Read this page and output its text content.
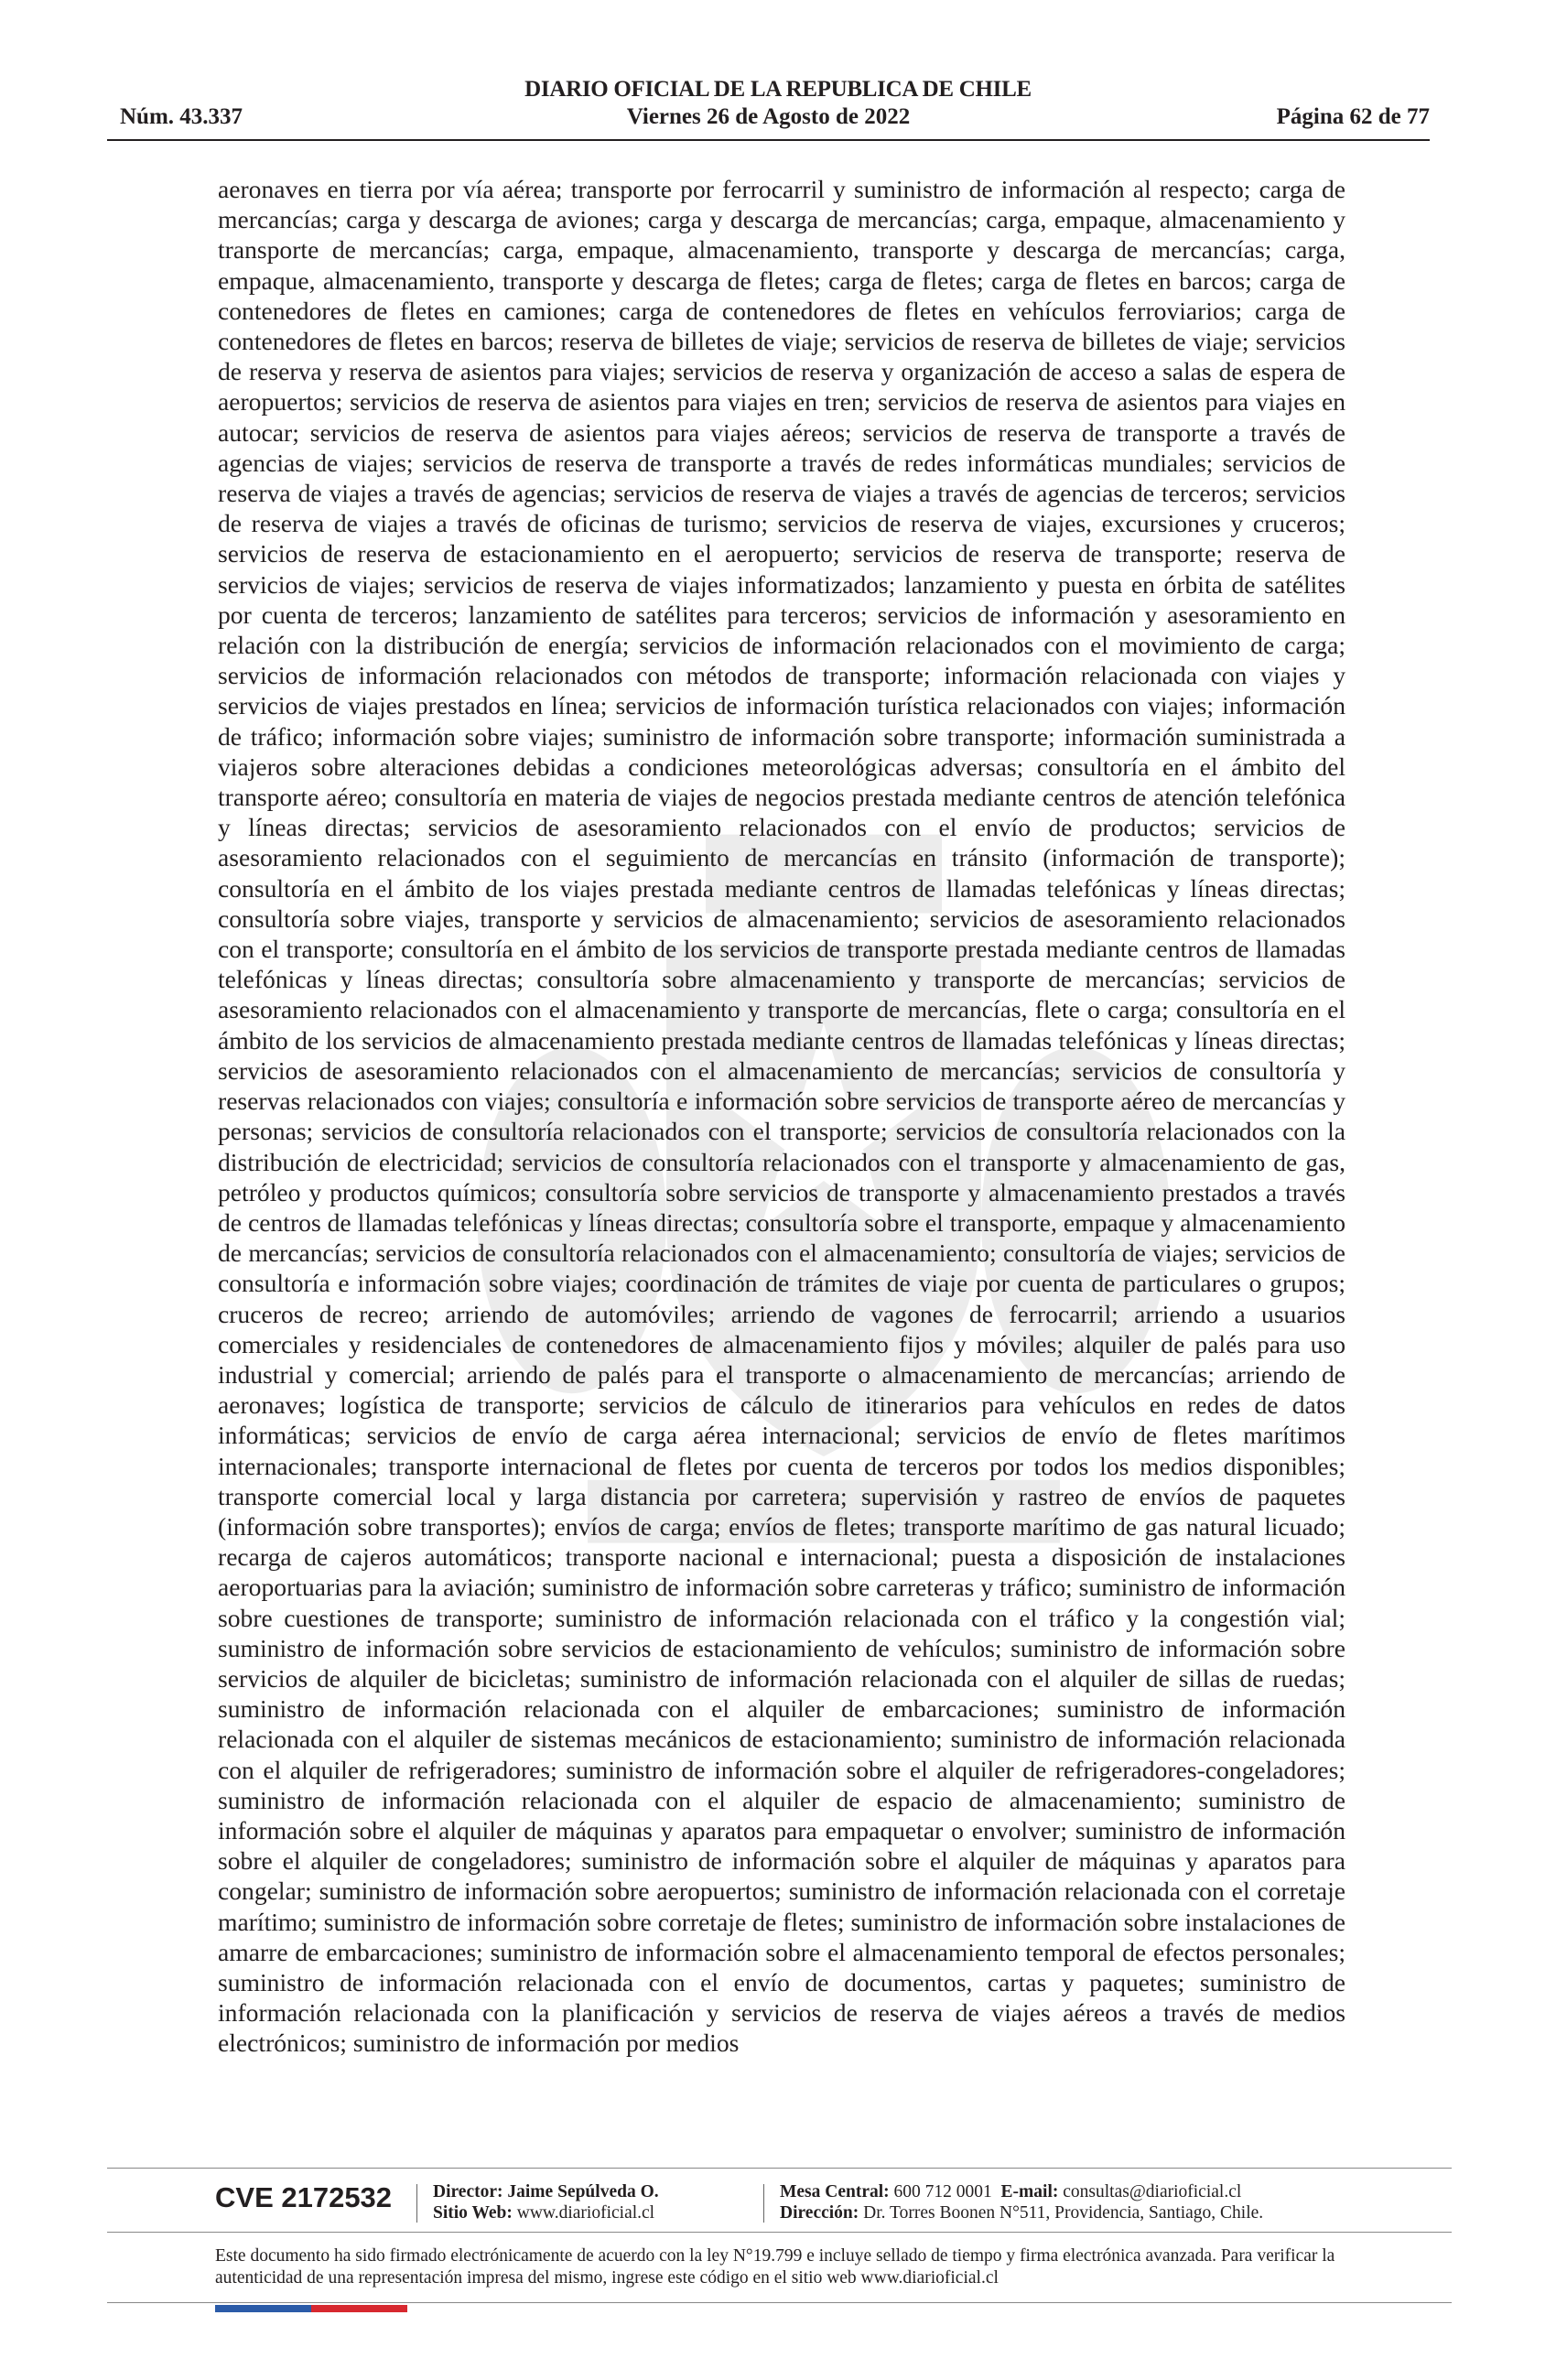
DIARIO OFICIAL DE LA REPUBLICA DE CHILE
Núm. 43.337	Viernes 26 de Agosto de 2022	Página 62 de 77
aeronaves en tierra por vía aérea; transporte por ferrocarril y suministro de información al respecto; carga de mercancías; carga y descarga de aviones; carga y descarga de mercancías; carga, empaque, almacenamiento y transporte de mercancías; carga, empaque, almacenamiento, transporte y descarga de mercancías; carga, empaque, almacenamiento, transporte y descarga de fletes; carga de fletes; carga de fletes en barcos; carga de contenedores de fletes en camiones; carga de contenedores de fletes en vehículos ferroviarios; carga de contenedores de fletes en barcos; reserva de billetes de viaje; servicios de reserva de billetes de viaje; servicios de reserva y reserva de asientos para viajes; servicios de reserva y organización de acceso a salas de espera de aeropuertos; servicios de reserva de asientos para viajes en tren; servicios de reserva de asientos para viajes en autocar; servicios de reserva de asientos para viajes aéreos; servicios de reserva de transporte a través de agencias de viajes; servicios de reserva de transporte a través de redes informáticas mundiales; servicios de reserva de viajes a través de agencias; servicios de reserva de viajes a través de agencias de terceros; servicios de reserva de viajes a través de oficinas de turismo; servicios de reserva de viajes, excursiones y cruceros; servicios de reserva de estacionamiento en el aeropuerto; servicios de reserva de transporte; reserva de servicios de viajes; servicios de reserva de viajes informatizados; lanzamiento y puesta en órbita de satélites por cuenta de terceros; lanzamiento de satélites para terceros; servicios de información y asesoramiento en relación con la distribución de energía; servicios de información relacionados con el movimiento de carga; servicios de información relacionados con métodos de transporte; información relacionada con viajes y servicios de viajes prestados en línea; servicios de información turística relacionados con viajes; información de tráfico; información sobre viajes; suministro de información sobre transporte; información suministrada a viajeros sobre alteraciones debidas a condiciones meteorológicas adversas; consultoría en el ámbito del transporte aéreo; consultoría en materia de viajes de negocios prestada mediante centros de atención telefónica y líneas directas; servicios de asesoramiento relacionados con el envío de productos; servicios de asesoramiento relacionados con el seguimiento de mercancías en tránsito (información de transporte); consultoría en el ámbito de los viajes prestada mediante centros de llamadas telefónicas y líneas directas; consultoría sobre viajes, transporte y servicios de almacenamiento; servicios de asesoramiento relacionados con el transporte; consultoría en el ámbito de los servicios de transporte prestada mediante centros de llamadas telefónicas y líneas directas; consultoría sobre almacenamiento y transporte de mercancías; servicios de asesoramiento relacionados con el almacenamiento y transporte de mercancías, flete o carga; consultoría en el ámbito de los servicios de almacenamiento prestada mediante centros de llamadas telefónicas y líneas directas; servicios de asesoramiento relacionados con el almacenamiento de mercancías; servicios de consultoría y reservas relacionados con viajes; consultoría e información sobre servicios de transporte aéreo de mercancías y personas; servicios de consultoría relacionados con el transporte; servicios de consultoría relacionados con la distribución de electricidad; servicios de consultoría relacionados con el transporte y almacenamiento de gas, petróleo y productos químicos; consultoría sobre servicios de transporte y almacenamiento prestados a través de centros de llamadas telefónicas y líneas directas; consultoría sobre el transporte, empaque y almacenamiento de mercancías; servicios de consultoría relacionados con el almacenamiento; consultoría de viajes; servicios de consultoría e información sobre viajes; coordinación de trámites de viaje por cuenta de particulares o grupos; cruceros de recreo; arriendo de automóviles; arriendo de vagones de ferrocarril; arriendo a usuarios comerciales y residenciales de contenedores de almacenamiento fijos y móviles; alquiler de palés para uso industrial y comercial; arriendo de palés para el transporte o almacenamiento de mercancías; arriendo de aeronaves; logística de transporte; servicios de cálculo de itinerarios para vehículos en redes de datos informáticas; servicios de envío de carga aérea internacional; servicios de envío de fletes marítimos internacionales; transporte internacional de fletes por cuenta de terceros por todos los medios disponibles; transporte comercial local y larga distancia por carretera; supervisión y rastreo de envíos de paquetes (información sobre transportes); envíos de carga; envíos de fletes; transporte marítimo de gas natural licuado; recarga de cajeros automáticos; transporte nacional e internacional; puesta a disposición de instalaciones aeroportuarias para la aviación; suministro de información sobre carreteras y tráfico; suministro de información sobre cuestiones de transporte; suministro de información relacionada con el tráfico y la congestión vial; suministro de información sobre servicios de estacionamiento de vehículos; suministro de información sobre servicios de alquiler de bicicletas; suministro de información relacionada con el alquiler de sillas de ruedas; suministro de información relacionada con el alquiler de embarcaciones; suministro de información relacionada con el alquiler de sistemas mecánicos de estacionamiento; suministro de información relacionada con el alquiler de refrigeradores; suministro de información sobre el alquiler de refrigeradores-congeladores; suministro de información relacionada con el alquiler de espacio de almacenamiento; suministro de información sobre el alquiler de máquinas y aparatos para empaquetar o envolver; suministro de información sobre el alquiler de congeladores; suministro de información sobre el alquiler de máquinas y aparatos para congelar; suministro de información sobre aeropuertos; suministro de información relacionada con el corretaje marítimo; suministro de información sobre corretaje de fletes; suministro de información sobre instalaciones de amarre de embarcaciones; suministro de información sobre el almacenamiento temporal de efectos personales; suministro de información relacionada con el envío de documentos, cartas y paquetes; suministro de información relacionada con la planificación y servicios de reserva de viajes aéreos a través de medios electrónicos; suministro de información por medios
CVE 2172532 Director: Jaime Sepúlveda O.
Sitio Web: www.diarioficial.cl
Mesa Central: 600 712 0001 E-mail: consultas@diarioficial.cl
Dirección: Dr. Torres Boonen N°511, Providencia, Santiago, Chile.
Este documento ha sido firmado electrónicamente de acuerdo con la ley N°19.799 e incluye sellado de tiempo y firma electrónica avanzada. Para verificar la autenticidad de una representación impresa del mismo, ingrese este código en el sitio web www.diarioficial.cl
